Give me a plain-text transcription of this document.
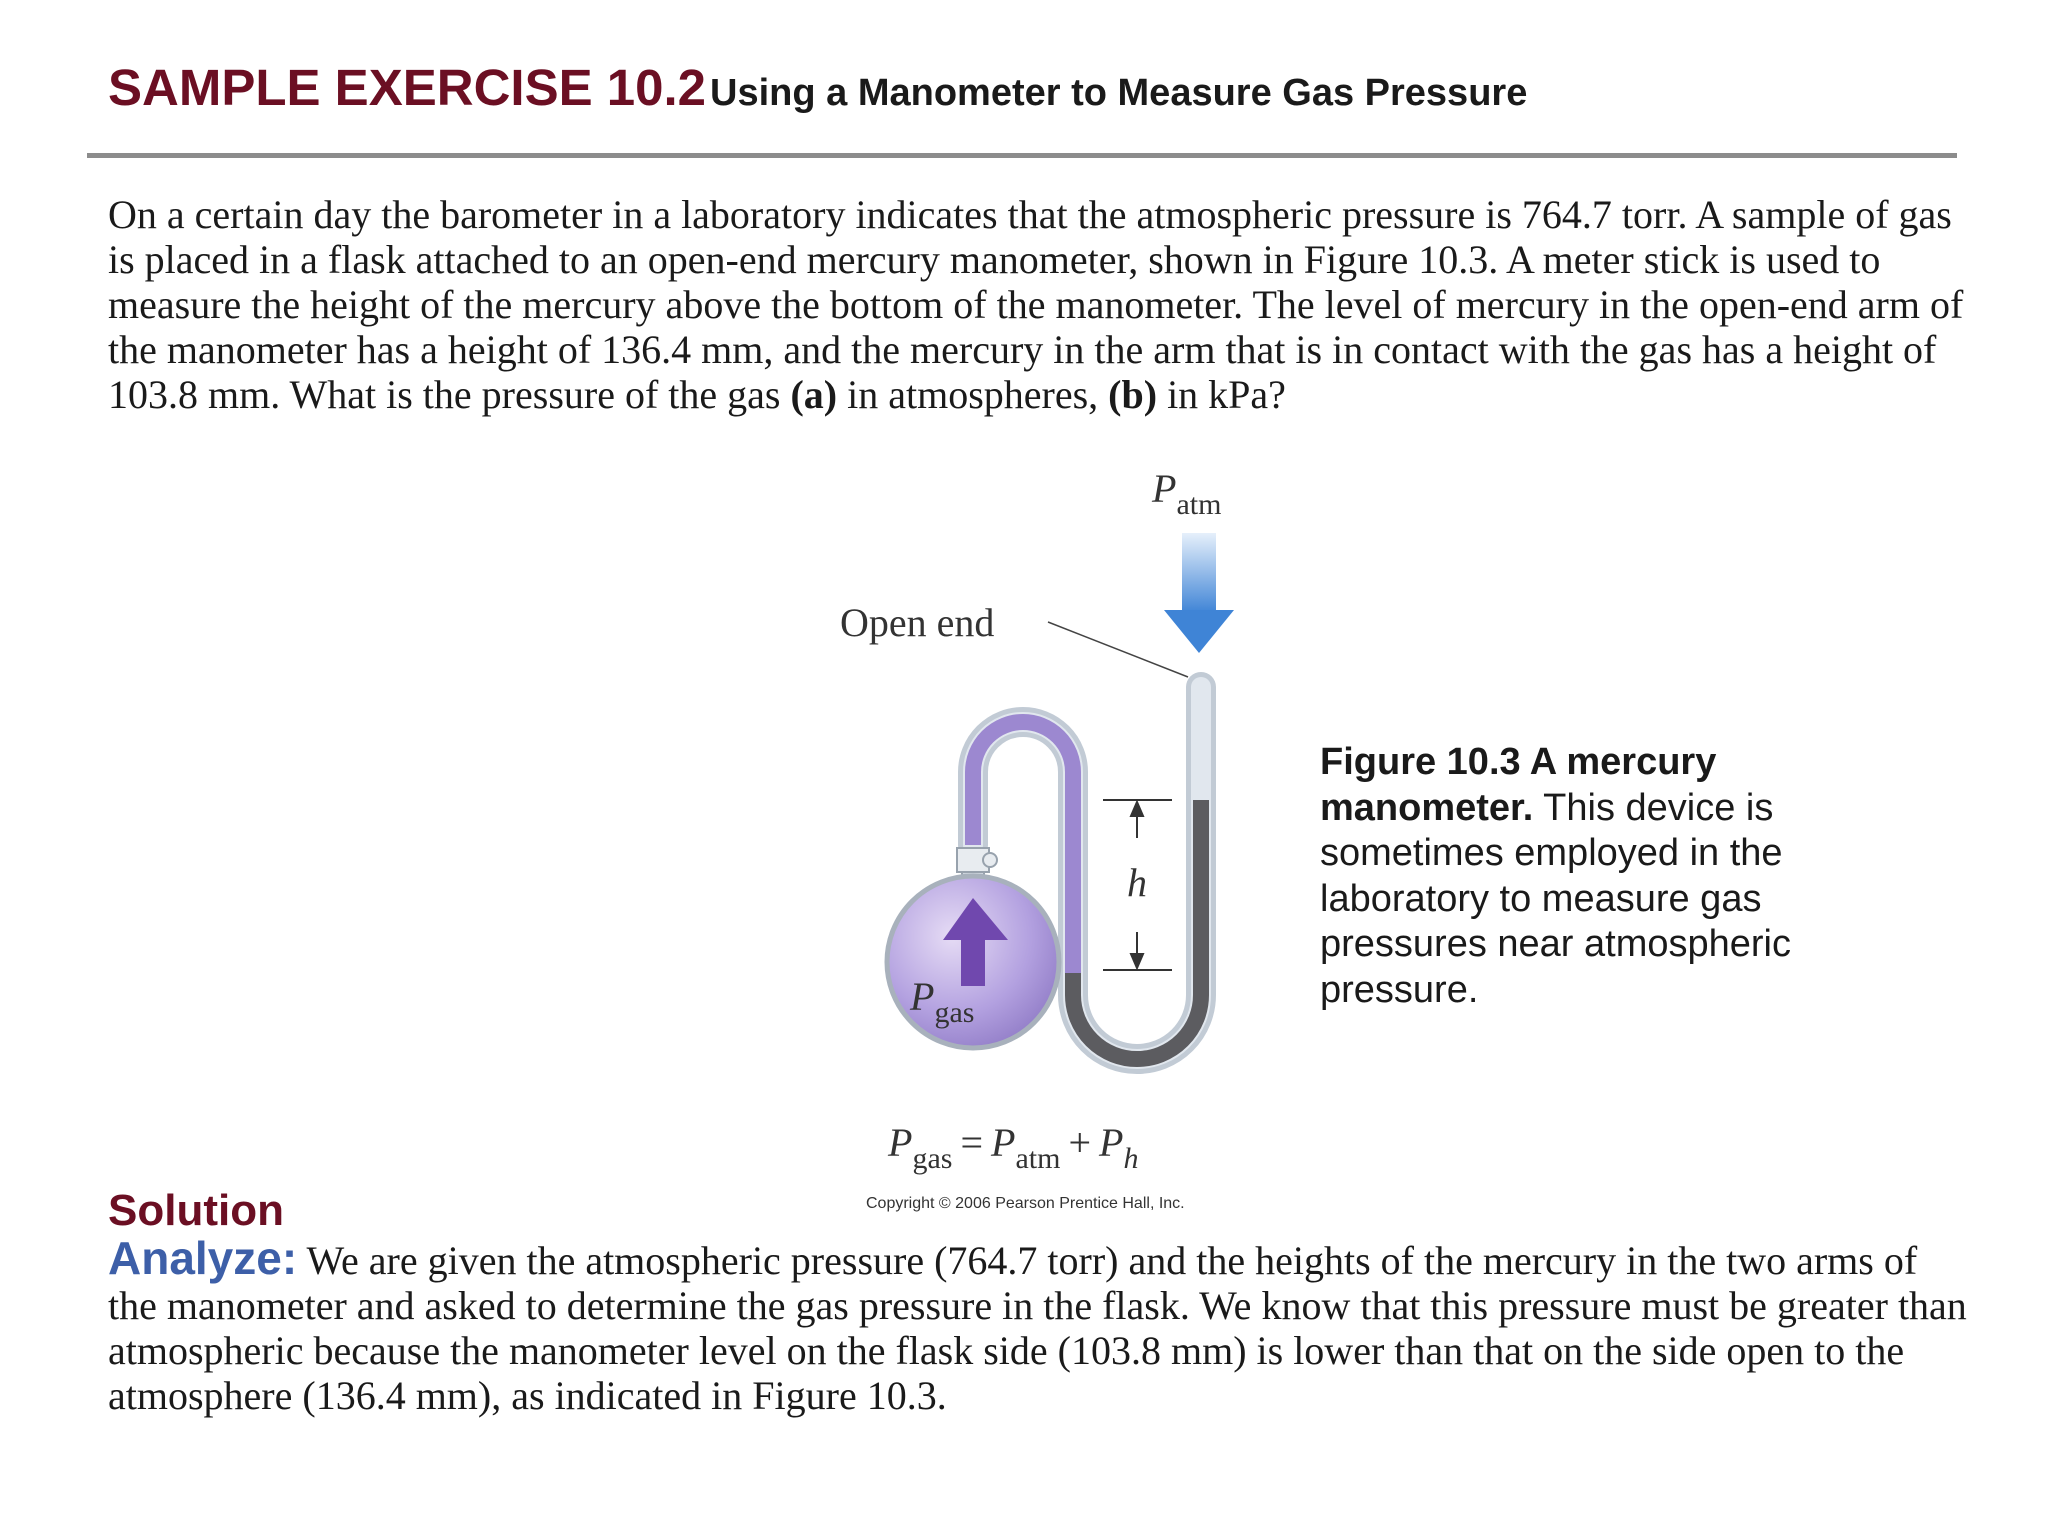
SAMPLE EXERCISE 10.2 Using a Manometer to Measure Gas Pressure

On a certain day the barometer in a laboratory indicates that the atmospheric pressure is 764.7 torr. A sample of gas is placed in a flask attached to an open-end mercury manometer, shown in Figure 10.3. A meter stick is used to measure the height of the mercury above the bottom of the manometer. The level of mercury in the open-end arm of the manometer has a height of 136.4 mm, and the mercury in the arm that is in contact with the gas has a height of 103.8 mm. What is the pressure of the gas (a) in atmospheres, (b) in kPa?

$P_{atm}$
Open end
$P_{gas}$
h
$P_{gas} = P_{atm} + P_h$
Copyright © 2006 Pearson Prentice Hall, Inc.
Figure 10.3 A mercury manometer. This device is sometimes employed in the laboratory to measure gas pressures near atmospheric pressure.
Solution

Analyze: We are given the atmospheric pressure (764.7 torr) and the heights of the mercury in the two arms of the manometer and asked to determine the gas pressure in the flask. We know that this pressure must be greater than atmospheric because the manometer level on the flask side (103.8 mm) is lower than that on the side open to the atmosphere (136.4 mm), as indicated in Figure 10.3.
